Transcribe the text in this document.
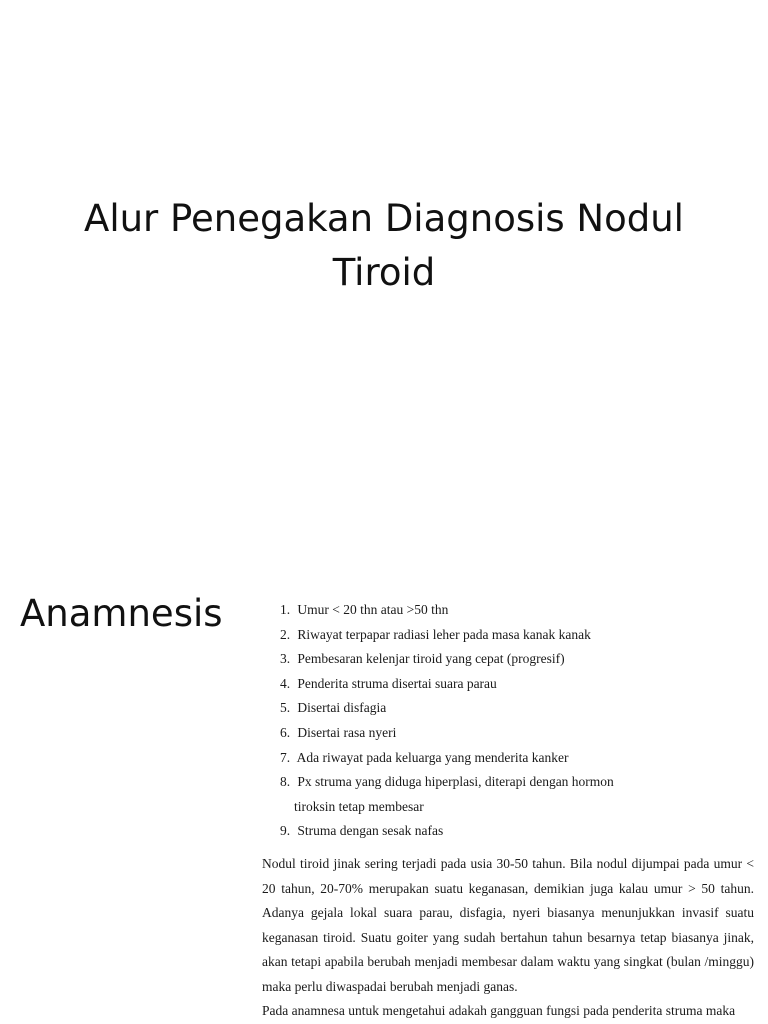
Alur Penegakan Diagnosis Nodul
Tiroid
Anamnesis	1. Umur < 20 thn atau >50 thn
2. Riwayat terpapar radiasi leher pada masa kanak kanak
3. Pembesaran kelenjar tiroid yang cepat (progresif)
4. Penderita struma disertai suara parau
5. Disertai disfagia
6. Disertai rasa nyeri
7. Ada riwayat pada keluarga yang menderita kanker
8. Px struma yang diduga hiperplasi, diterapi dengan hormon
tiroksin tetap membesar
9. Struma dengan sesak nafas

Nodul tiroid jinak sering terjadi pada usia 30-50 tahun. Bila nodul dijumpai pada umur < 20 tahun, 20-70% merupakan suatu keganasan, demikian juga kalau umur > 50 tahun. Adanya gejala lokal suara parau, disfagia, nyeri biasanya menunjukkan invasif suatu keganasan tiroid. Suatu goiter yang sudah bertahun tahun besarnya tetap biasanya jinak, akan tetapi apabila berubah menjadi membesar dalam waktu yang singkat (bulan /minggu) maka perlu diwaspadai berubah menjadi ganas.

Pada anamnesa untuk mengetahui adakah gangguan fungsi pada penderita struma maka
